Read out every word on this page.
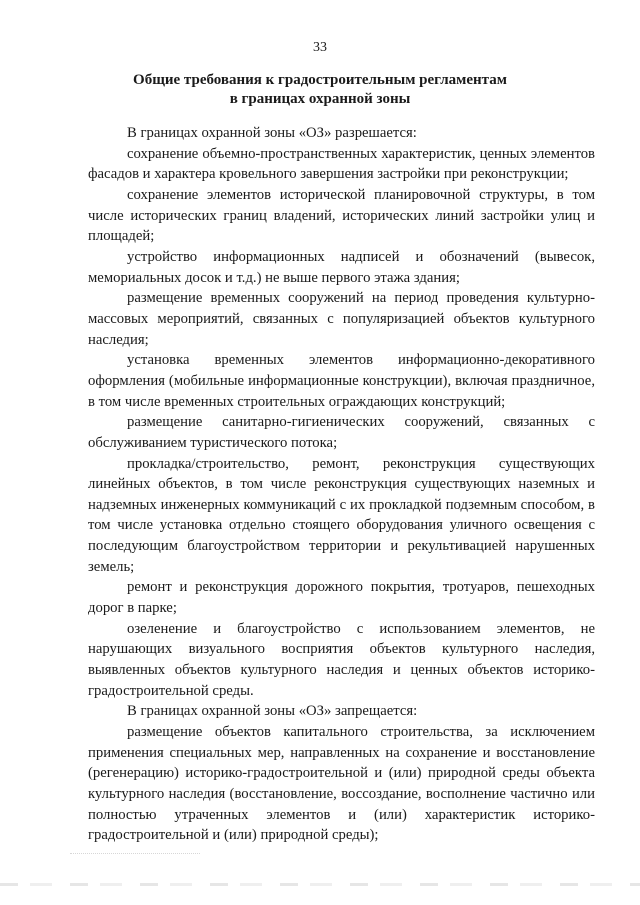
33
Общие требования к градостроительным регламентам
в границах охранной зоны

В границах охранной зоны «ОЗ» разрешается:

сохранение объемно-пространственных характеристик, ценных элементов фасадов и характера кровельного завершения застройки при реконструкции;

сохранение элементов исторической планировочной структуры, в том числе исторических границ владений, исторических линий застройки улиц и площадей;

устройство информационных надписей и обозначений (вывесок, мемориальных досок и т.д.) не выше первого этажа здания;

размещение временных сооружений на период проведения культурно-массовых мероприятий, связанных с популяризацией объектов культурного наследия;

установка временных элементов информационно-декоративного оформления (мобильные информационные конструкции), включая праздничное, в том числе временных строительных ограждающих конструкций;

размещение санитарно-гигиенических сооружений, связанных с обслуживанием туристического потока;

прокладка/строительство, ремонт, реконструкция существующих линейных объектов, в том числе реконструкция существующих наземных и надземных инженерных коммуникаций с их прокладкой подземным способом, в том числе установка отдельно стоящего оборудования уличного освещения с последующим благоустройством территории и рекультивацией нарушенных земель;

ремонт и реконструкция дорожного покрытия, тротуаров, пешеходных дорог в парке;

озеленение и благоустройство с использованием элементов, не нарушающих визуального восприятия объектов культурного наследия, выявленных объектов культурного наследия и ценных объектов историко-градостроительной среды.

В границах охранной зоны «ОЗ» запрещается:

размещение объектов капитального строительства, за исключением применения специальных мер, направленных на сохранение и восстановление (регенерацию) историко-градостроительной и (или) природной среды объекта культурного наследия (восстановление, воссоздание, восполнение частично или полностью утраченных элементов и (или) характеристик историко-градостроительной и (или) природной среды);
